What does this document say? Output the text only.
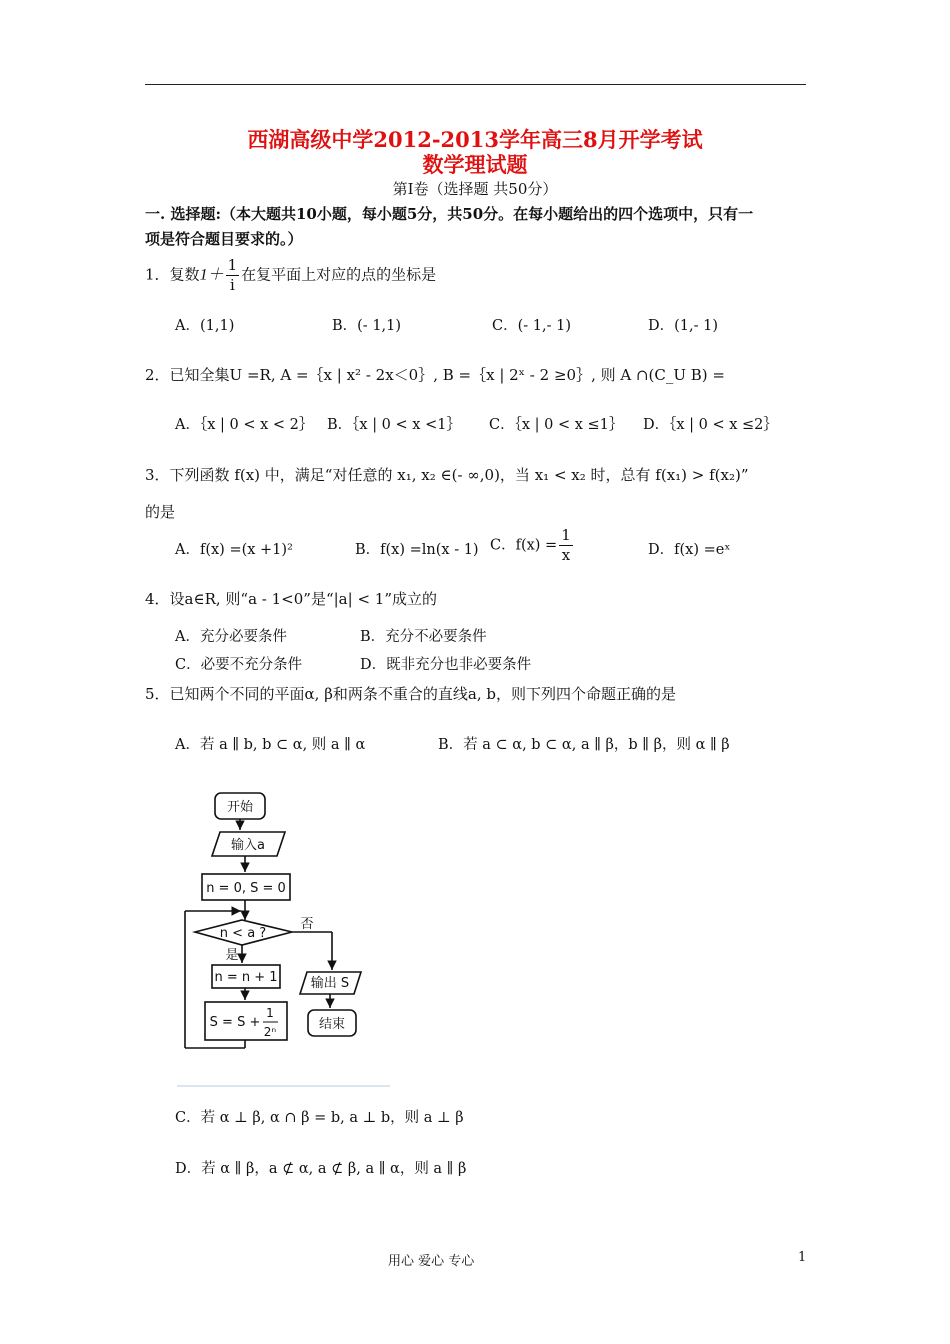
西湖高级中学2012-2013学年高三8月开学考试
数学理试题
第Ⅰ卷（选择题 共50分）
一. 选择题:（本大题共10小题，每小题5分，共50分。在每小题给出的四个选项中，只有一
项是符合题目要求的。）
1．复数$1+ \frac{1}{i}$ 在复平面上对应的点的坐标是
A．(1,1)	B．(- 1,1)	C．(- 1,- 1)	D．(1,- 1)
2．已知全集U =R, A =｛x | x² - 2x＜0｝, B =｛x | 2ˣ - 2 ≥0｝, 则 A ∩(C_U B) =
A．｛x | 0 < x < 2｝ B．｛x | 0 < x <1｝ C．｛x | 0 < x ≤1｝ D．｛x | 0 < x ≤2｝
3．下列函数 f(x) 中，满足“对任意的 x₁, x₂ ∈(- ∞,0)，当 x₁ < x₂ 时，总有 f(x₁) > f(x₂)”
的是
A．f(x) =(x +1)²	B．f(x) =ln(x - 1) C．$f(x) = \frac{1}{x}$	D．f(x) =eˣ
4．设a∈R, 则“a - 1<0”是“|a| < 1”成立的
A．充分必要条件	B．充分不必要条件
C．必要不充分条件	D．既非充分也非必要条件
5．已知两个不同的平面α, β和两条不重合的直线a, b，则下列四个命题正确的是
A．若 a ∥ b, b ⊂ α, 则 a ∥ α	B．若 a ⊂ α, b ⊂ α, a ∥ β，b ∥ β，则 α ∥ β
开始
输入a
n = 0, S = 0
n < a ?
是
否
n = n + 1
S = S +
1
2ⁿ
输出 S
结束
C．若 α ⊥ β, α ∩ β = b, a ⊥ b，则 a ⊥ β
D．若 α ∥ β，a ⊄ α, a ⊄ β, a ∥ α，则 a ∥ β
用心 爱心 专心	1
